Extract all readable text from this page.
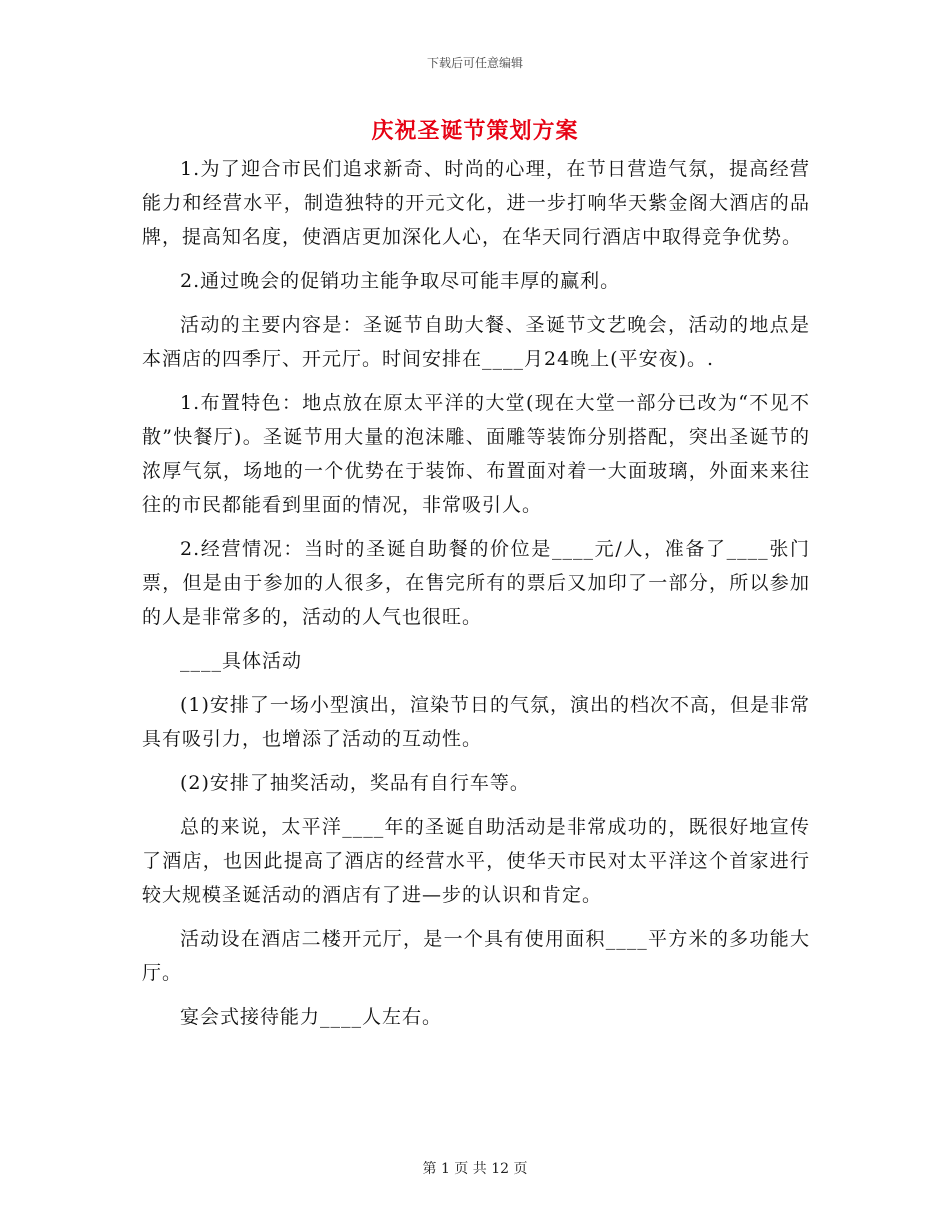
下载后可任意编辑
庆祝圣诞节策划方案

1.为了迎合市民们追求新奇、时尚的心理，在节日营造气氛，提高经营能力和经营水平，制造独特的开元文化，进一步打响华天紫金阁大酒店的品牌，提高知名度，使酒店更加深化人心，在华天同行酒店中取得竞争优势。

2.通过晚会的促销功主能争取尽可能丰厚的赢利。

活动的主要内容是：圣诞节自助大餐、圣诞节文艺晚会，活动的地点是本酒店的四季厅、开元厅。时间安排在____月24晚上(平安夜)。.

1.布置特色：地点放在原太平洋的大堂(现在大堂一部分已改为“不见不散”快餐厅)。圣诞节用大量的泡沫雕、面雕等装饰分别搭配，突出圣诞节的浓厚气氛，场地的一个优势在于装饰、布置面对着一大面玻璃，外面来来往往的市民都能看到里面的情况，非常吸引人。

2.经营情况：当时的圣诞自助餐的价位是____元/人，准备了____张门票，但是由于参加的人很多，在售完所有的票后又加印了一部分，所以参加的人是非常多的，活动的人气也很旺。

____具体活动

(1)安排了一场小型演出，渲染节日的气氛，演出的档次不高，但是非常具有吸引力，也增添了活动的互动性。

(2)安排了抽奖活动，奖品有自行车等。

总的来说，太平洋____年的圣诞自助活动是非常成功的，既很好地宣传了酒店，也因此提高了酒店的经营水平，使华天市民对太平洋这个首家进行较大规模圣诞活动的酒店有了进—步的认识和肯定。

活动设在酒店二楼开元厅，是一个具有使用面积____平方米的多功能大厅。

宴会式接待能力____人左右。

第 1 页 共 12 页
